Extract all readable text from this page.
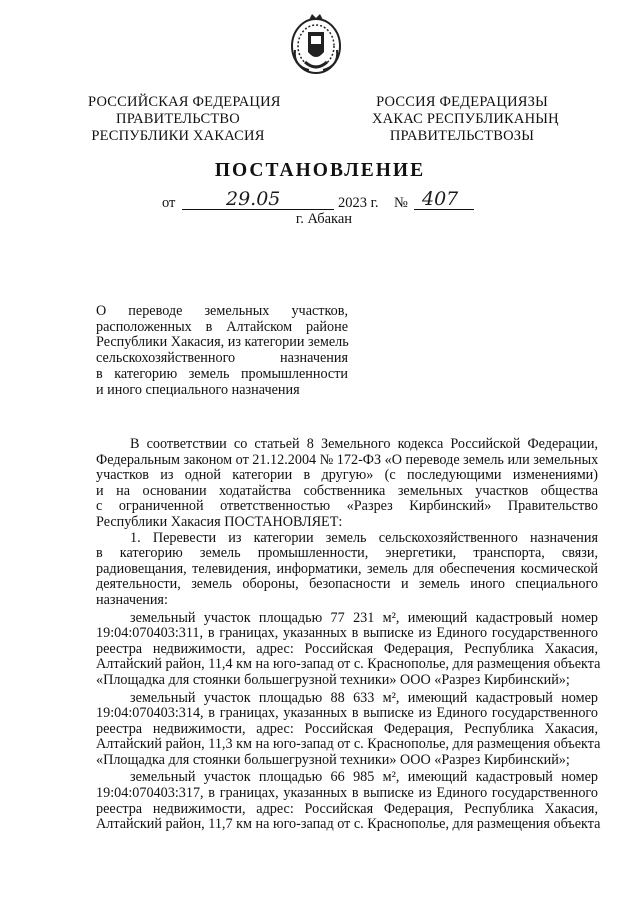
РОССИЙСКАЯ ФЕДЕРАЦИЯ
ПРАВИТЕЛЬСТВО
РЕСПУБЛИКИ ХАКАСИЯ
РОССИЯ ФЕДЕРАЦИЯЗЫ
ХАКАС РЕСПУБЛИКАНЫҢ
ПРАВИТЕЛЬСТВОЗЫ
ПОСТАНОВЛЕНИЕ
от	29.05	2023 г. № 407
г. Абакан
О переводе земельных участков,
расположенных в Алтайском районе
Республики Хакасия, из категории земель
сельскохозяйственного назначения
в категорию земель промышленности
и иного специального назначения
В соответствии со статьей 8 Земельного кодекса Российской Федерации,
Федеральным законом от 21.12.2004 № 172-ФЗ «О переводе земель или земельных
участков из одной категории в другую» (с последующими изменениями)
и на основании ходатайства собственника земельных участков общества
с ограниченной ответственностью «Разрез Кирбинский» Правительство
Республики Хакасия ПОСТАНОВЛЯЕТ:
1. Перевести из категории земель сельскохозяйственного назначения
в категорию земель промышленности, энергетики, транспорта, связи,
радиовещания, телевидения, информатики, земель для обеспечения космической
деятельности, земель обороны, безопасности и земель иного специального
назначения:
земельный участок площадью 77 231 м², имеющий кадастровый номер
19:04:070403:311, в границах, указанных в выписке из Единого государственного
реестра недвижимости, адрес: Российская Федерация, Республика Хакасия,
Алтайский район, 11,4 км на юго-запад от с. Краснополье, для размещения объекта
«Площадка для стоянки большегрузной техники» ООО «Разрез Кирбинский»;
земельный участок площадью 88 633 м², имеющий кадастровый номер
19:04:070403:314, в границах, указанных в выписке из Единого государственного
реестра недвижимости, адрес: Российская Федерация, Республика Хакасия,
Алтайский район, 11,3 км на юго-запад от с. Краснополье, для размещения объекта
«Площадка для стоянки большегрузной техники» ООО «Разрез Кирбинский»;
земельный участок площадью 66 985 м², имеющий кадастровый номер
19:04:070403:317, в границах, указанных в выписке из Единого государственного
реестра недвижимости, адрес: Российская Федерация, Республика Хакасия,
Алтайский район, 11,7 км на юго-запад от с. Краснополье, для размещения объекта
